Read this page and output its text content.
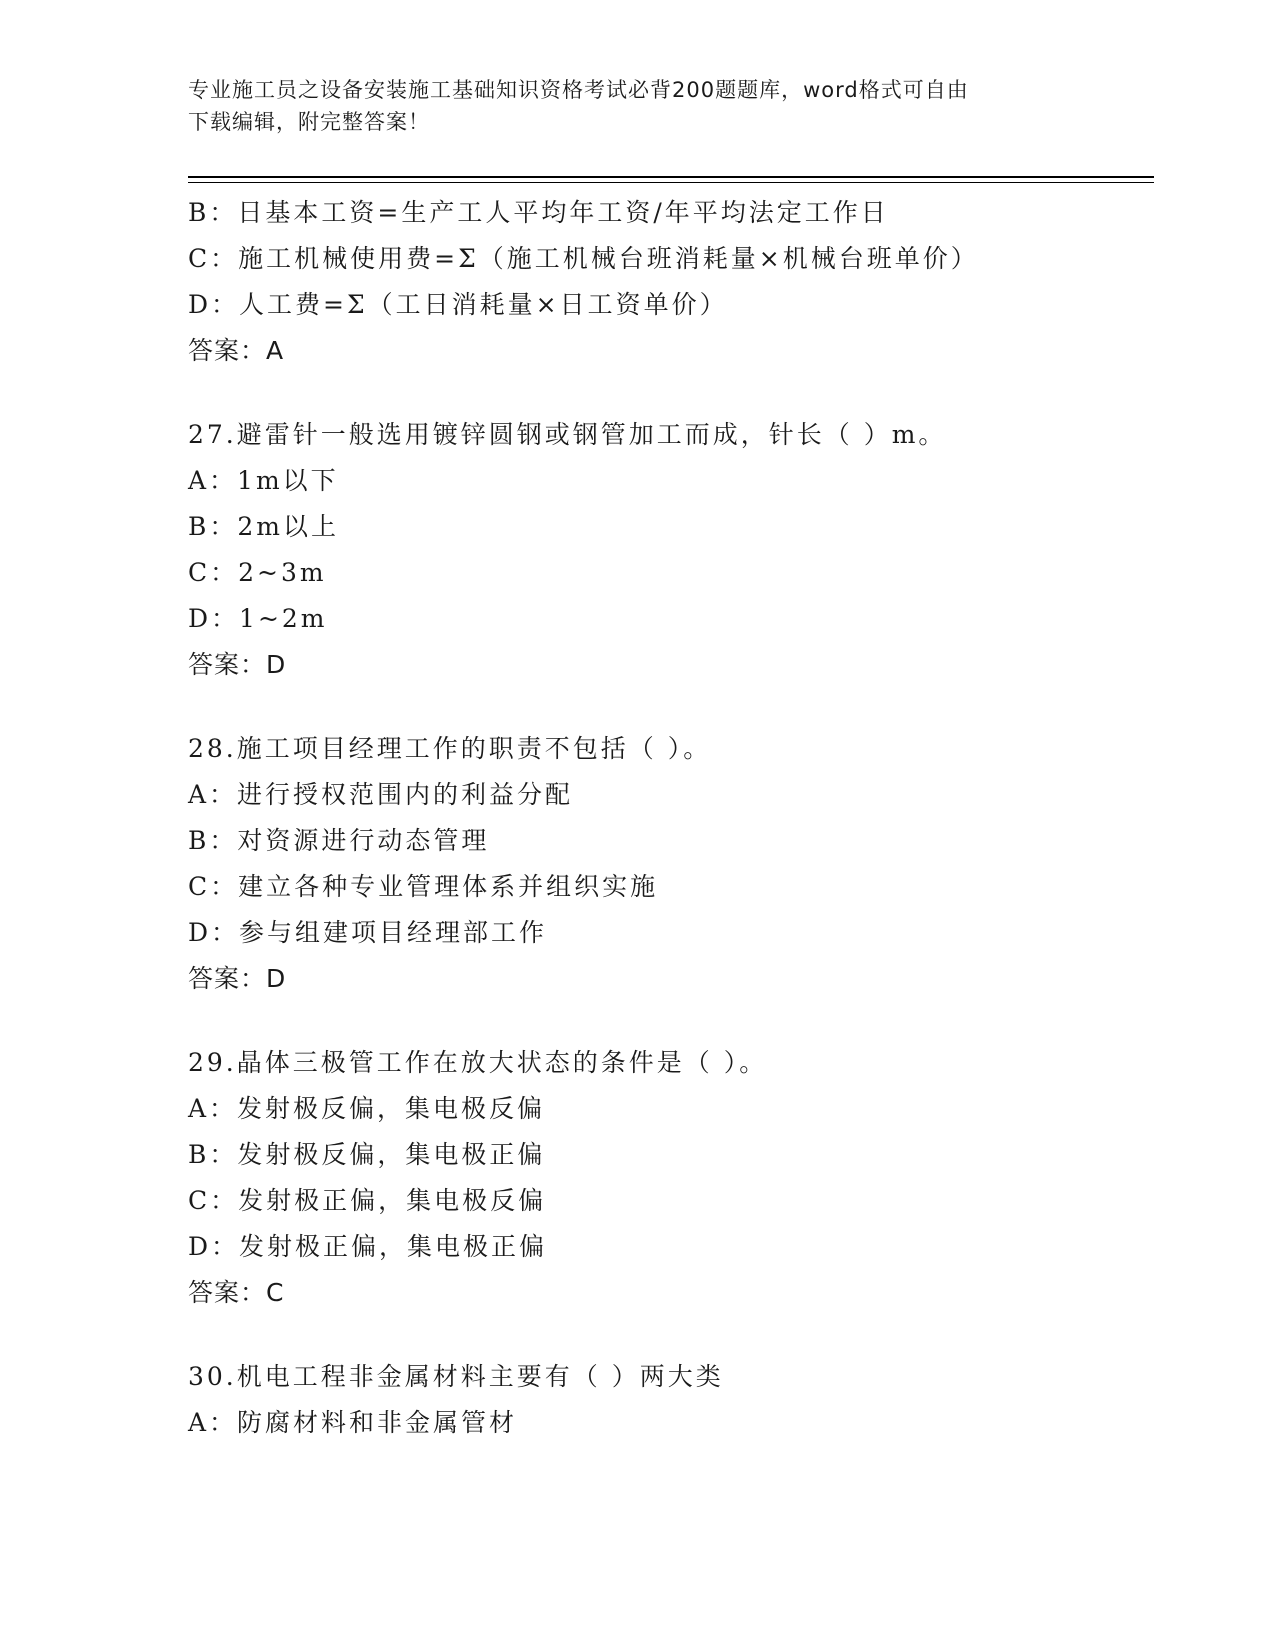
专业施工员之设备安装施工基础知识资格考试必背200题题库，word格式可自由
下载编辑，附完整答案！
B：日基本工资=生产工人平均年工资/年平均法定工作日
C：施工机械使用费=Σ（施工机械台班消耗量×机械台班单价）
D：人工费=Σ（工日消耗量×日工资单价）
答案：A
27.避雷针一般选用镀锌圆钢或钢管加工而成，针长（ ）m。
A：1m以下
B：2m以上
C：2~3m
D：1~2m
答案：D
28.施工项目经理工作的职责不包括（ ）。
A：进行授权范围内的利益分配
B：对资源进行动态管理
C：建立各种专业管理体系并组织实施
D：参与组建项目经理部工作
答案：D
29.晶体三极管工作在放大状态的条件是（ ）。
A：发射极反偏，集电极反偏
B：发射极反偏，集电极正偏
C：发射极正偏，集电极反偏
D：发射极正偏，集电极正偏
答案：C
30.机电工程非金属材料主要有（ ）两大类
A：防腐材料和非金属管材
